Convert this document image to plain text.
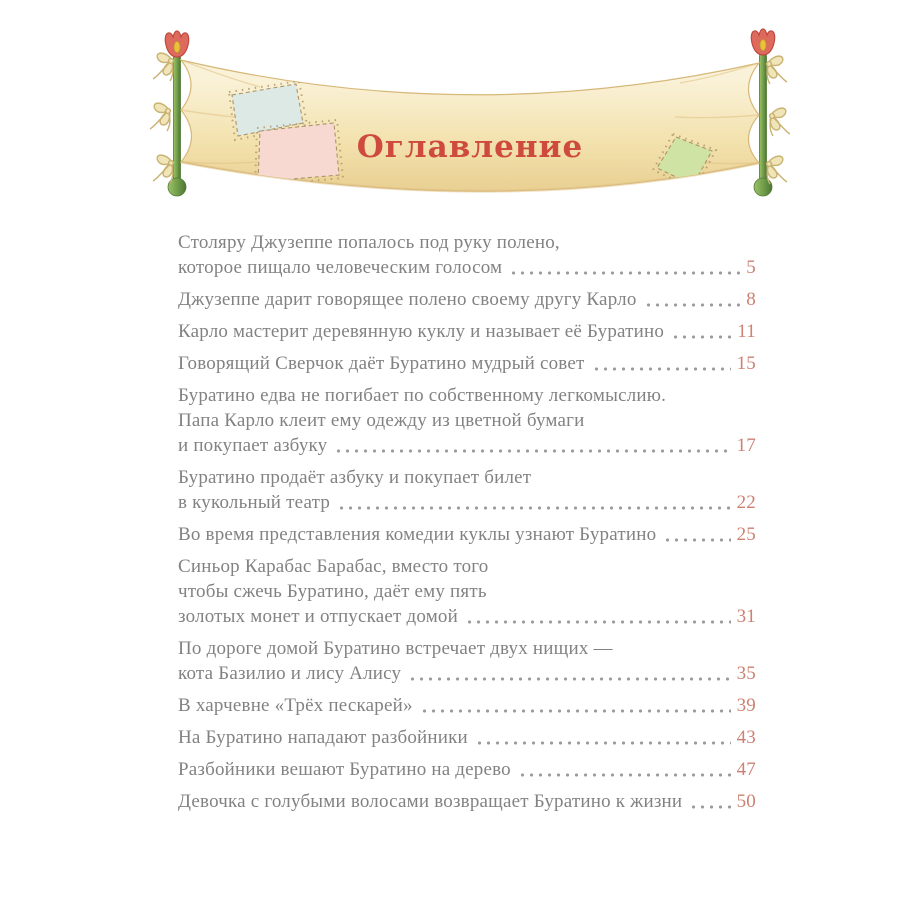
Оглавление
Столяру Джузеппе попалось под руку полено,
которое пищало человеческим голосом	5
Джузеппе дарит говорящее полено своему другу Карло	8
Карло мастерит деревянную куклу и называет её Буратино	11
Говорящий Сверчок даёт Буратино мудрый совет	15
Буратино едва не погибает по собственному легкомыслию.
Папа Карло клеит ему одежду из цветной бумаги
и покупает азбуку	17
Буратино продаёт азбуку и покупает билет
в кукольный театр	22
Во время представления комедии куклы узнают Буратино	25
Синьор Карабас Барабас, вместо того
чтобы сжечь Буратино, даёт ему пять
золотых монет и отпускает домой	31
По дороге домой Буратино встречает двух нищих —
кота Базилио и лису Алису	35
В харчевне «Трёх пескарей»	39
На Буратино нападают разбойники	43
Разбойники вешают Буратино на дерево	47
Девочка с голубыми волосами возвращает Буратино к жизни	50
